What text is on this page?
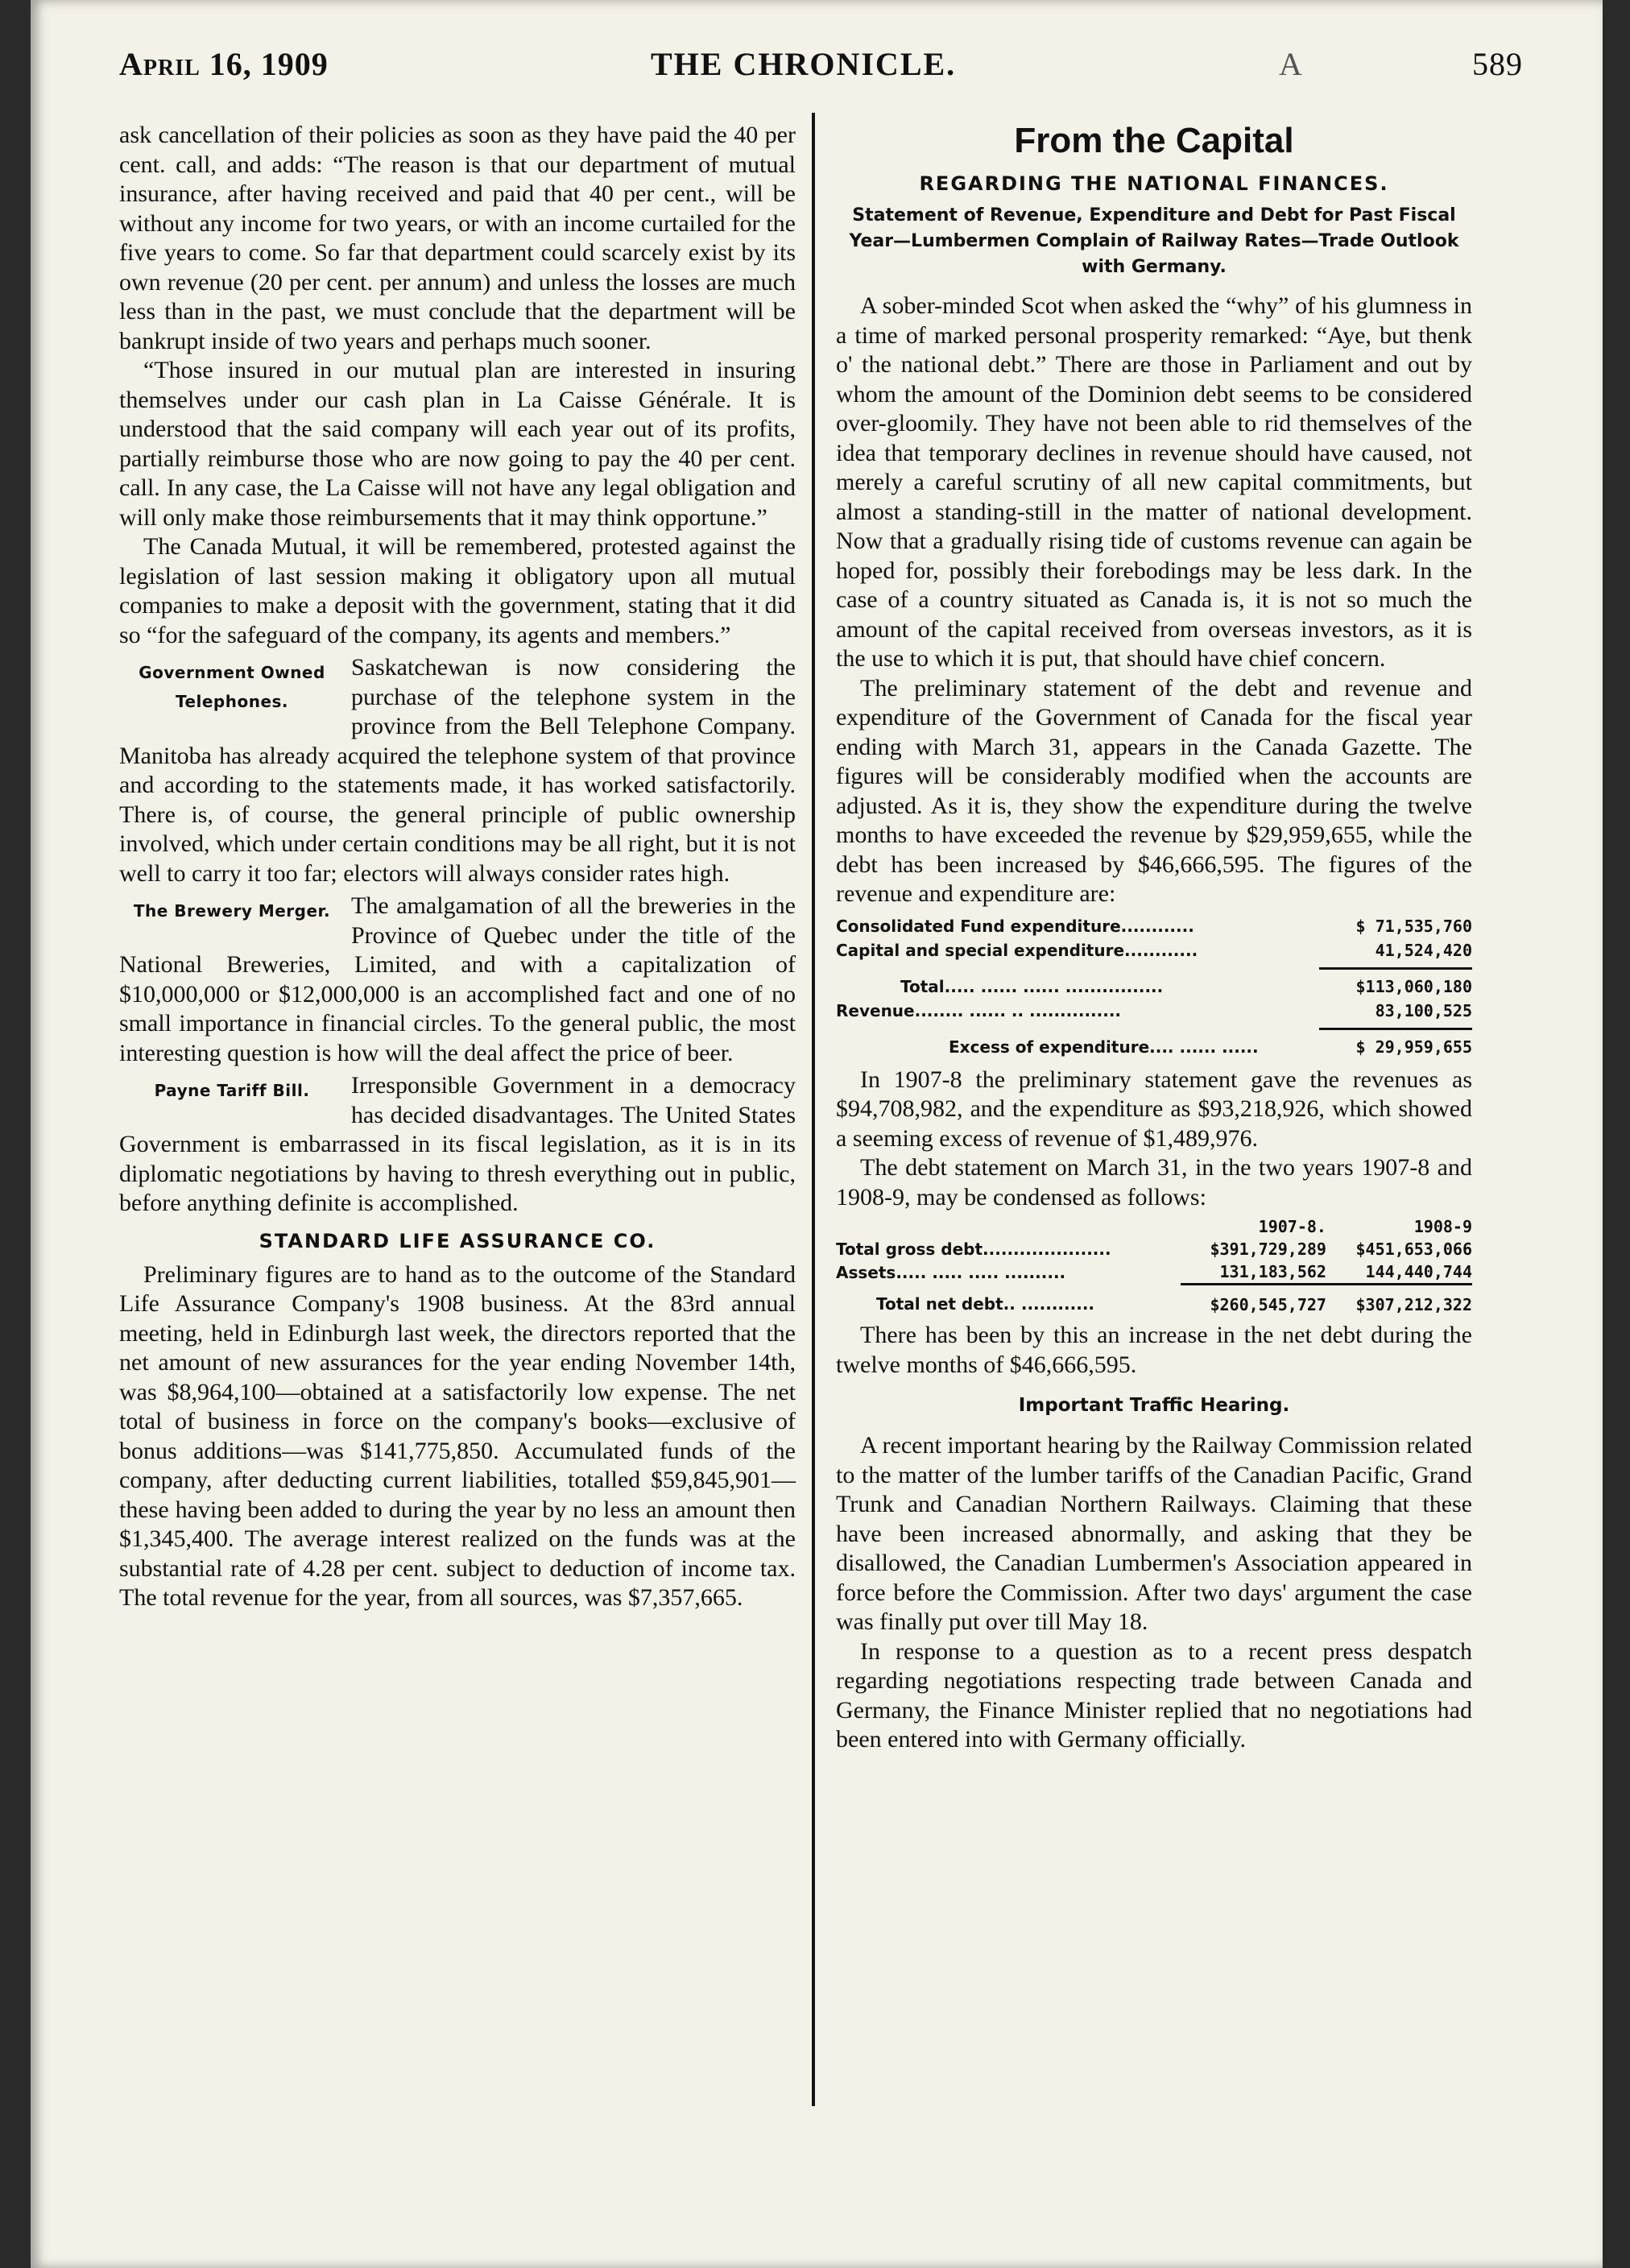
April 16, 1909	THE CHRONICLE.	A	589

ask cancellation of their policies as soon as they have paid the 40 per cent. call, and adds: “The reason is that our department of mutual insurance, after having received and paid that 40 per cent., will be without any income for two years, or with an income curtailed for the five years to come. So far that department could scarcely exist by its own revenue (20 per cent. per annum) and unless the losses are much less than in the past, we must conclude that the department will be bankrupt inside of two years and perhaps much sooner.

“Those insured in our mutual plan are interested in insuring themselves under our cash plan in La Caisse Générale. It is understood that the said company will each year out of its profits, partially reimburse those who are now going to pay the 40 per cent. call. In any case, the La Caisse will not have any legal obligation and will only make those reimbursements that it may think opportune.”

The Canada Mutual, it will be remembered, protested against the legislation of last session making it obligatory upon all mutual companies to make a deposit with the government, stating that it did so “for the safeguard of the company, its agents and members.”

Government Owned Telephones.

Saskatchewan is now considering the purchase of the telephone system in the province from the Bell Telephone Company. Manitoba has already acquired the telephone system of that province and according to the statements made, it has worked satisfactorily. There is, of course, the general principle of public ownership involved, which under certain conditions may be all right, but it is not well to carry it too far; electors will always consider rates high.

The Brewery Merger. The amalgamation of all the breweries in the Province of Quebec under the title of the National Breweries, Limited, and with a capitalization of $10,000,000 or $12,000,000 is an accomplished fact and one of no small importance in financial circles. To the general public, the most interesting question is how will the deal affect the price of beer.

Payne Tariff Bill.	Irresponsible Government in a democracy has decided disadvantages. The United States Government is embarrassed in its fiscal legislation, as it is in its diplomatic negotiations by having to thresh everything out in public, before anything definite is accomplished.

STANDARD LIFE ASSURANCE CO.

Preliminary figures are to hand as to the outcome of the Standard Life Assurance Company's 1908 business. At the 83rd annual meeting, held in Edinburgh last week, the directors reported that the net amount of new assurances for the year ending November 14th, was $8,964,100—obtained at a satisfactorily low expense. The net total of business in force on the company's books—exclusive of bonus additions—was $141,775,850. Accumulated funds of the company, after deducting current liabilities, totalled $59,845,901—these having been added to during the year by no less an amount then $1,345,400. The average interest realized on the funds was at the substantial rate of 4.28 per cent. subject to deduction of income tax. The total revenue for the year, from all sources, was $7,357,665.

From the Capital
REGARDING THE NATIONAL FINANCES.
Statement of Revenue, Expenditure and Debt for Past Fiscal Year—Lumbermen Complain of Railway Rates—Trade Outlook with Germany.

A sober-minded Scot when asked the “why” of his glumness in a time of marked personal prosperity remarked: “Aye, but thenk o' the national debt.” There are those in Parliament and out by whom the amount of the Dominion debt seems to be considered over-gloomily. They have not been able to rid themselves of the idea that temporary declines in revenue should have caused, not merely a careful scrutiny of all new capital commitments, but almost a standing-still in the matter of national development. Now that a gradually rising tide of customs revenue can again be hoped for, possibly their forebodings may be less dark. In the case of a country situated as Canada is, it is not so much the amount of the capital received from overseas investors, as it is the use to which it is put, that should have chief concern.

The preliminary statement of the debt and revenue and expenditure of the Government of Canada for the fiscal year ending with March 31, appears in the Canada Gazette. The figures will be considerably modified when the accounts are adjusted. As it is, they show the expenditure during the twelve months to have exceeded the revenue by $29,959,655, while the debt has been increased by $46,666,595. The figures of the revenue and expenditure are:

Consolidated Fund expenditure............	$ 71,535,760
Capital and special expenditure............	41,524,420
Total..... ...... ...... ................	$113,060,180
Revenue........ ...... .. ...............	83,100,525
Excess of expenditure.... ...... ......	$ 29,959,655

In 1907-8 the preliminary statement gave the revenues as $94,708,982, and the expenditure as $93,218,926, which showed a seeming excess of revenue of $1,489,976.

The debt statement on March 31, in the two years 1907-8 and 1908-9, may be condensed as follows:

	1907-8.	1908-9
Total gross debt.....................	$391,729,289	$451,653,066
Assets..... ..... ..... ..........	131,183,562	144,440,744
Total net debt.. ............	$260,545,727	$307,212,322

There has been by this an increase in the net debt during the twelve months of $46,666,595.

Important Traffic Hearing.

A recent important hearing by the Railway Commission related to the matter of the lumber tariffs of the Canadian Pacific, Grand Trunk and Canadian Northern Railways. Claiming that these have been increased abnormally, and asking that they be disallowed, the Canadian Lumbermen's Association appeared in force before the Commission. After two days' argument the case was finally put over till May 18.

In response to a question as to a recent press despatch regarding negotiations respecting trade between Canada and Germany, the Finance Minister replied that no negotiations had been entered into with Germany officially.
